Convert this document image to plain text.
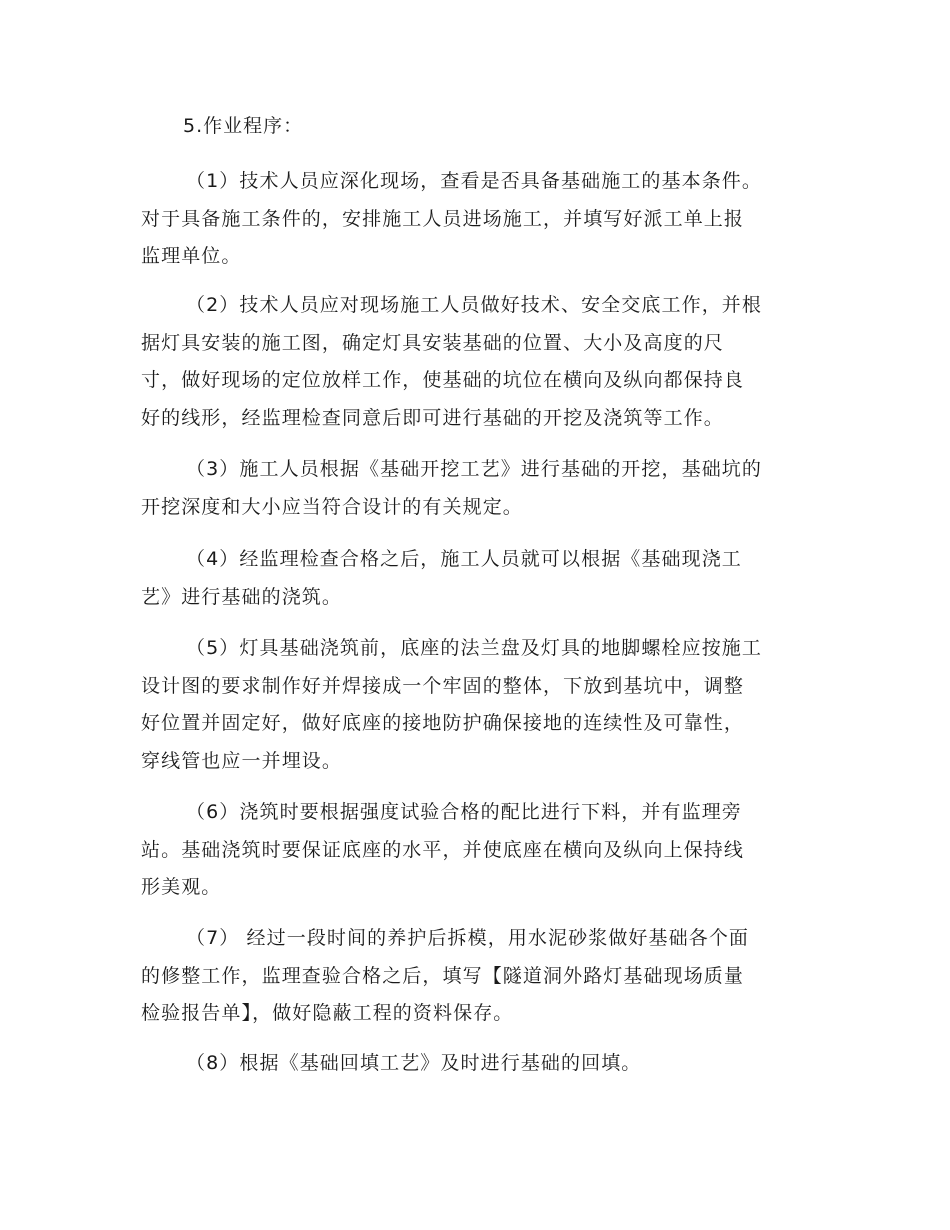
5.作业程序：
（1）技术人员应深化现场，查看是否具备基础施工的基本条件。
对于具备施工条件的，安排施工人员进场施工，并填写好派工单上报
监理单位。
（2）技术人员应对现场施工人员做好技术、安全交底工作，并根
据灯具安装的施工图，确定灯具安装基础的位置、大小及高度的尺
寸，做好现场的定位放样工作，使基础的坑位在横向及纵向都保持良
好的线形，经监理检查同意后即可进行基础的开挖及浇筑等工作。
（3）施工人员根据《基础开挖工艺》进行基础的开挖，基础坑的
开挖深度和大小应当符合设计的有关规定。
（4）经监理检查合格之后，施工人员就可以根据《基础现浇工
艺》进行基础的浇筑。
（5）灯具基础浇筑前，底座的法兰盘及灯具的地脚螺栓应按施工
设计图的要求制作好并焊接成一个牢固的整体，下放到基坑中，调整
好位置并固定好，做好底座的接地防护确保接地的连续性及可靠性，
穿线管也应一并埋设。
（6）浇筑时要根据强度试验合格的配比进行下料，并有监理旁
站。基础浇筑时要保证底座的水平，并使底座在横向及纵向上保持线
形美观。
（7） 经过一段时间的养护后拆模，用水泥砂浆做好基础各个面
的修整工作，监理查验合格之后，填写【隧道洞外路灯基础现场质量
检验报告单】，做好隐蔽工程的资料保存。
（8）根据《基础回填工艺》及时进行基础的回填。
